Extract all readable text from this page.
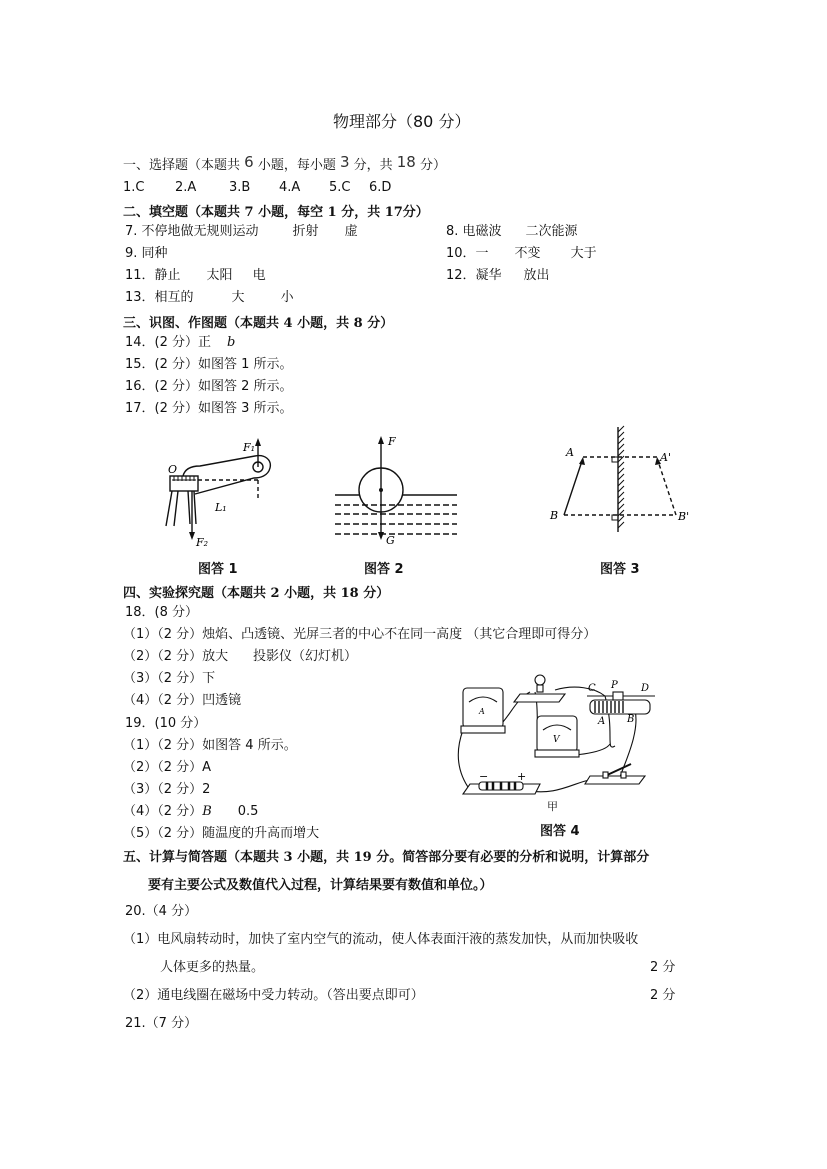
物理部分（80 分）
一、选择题（本题共 6 小题，每小题 3 分，共 18 分）
1.C 2.A	3.B 4.A 5.C 6.D
二、填空题（本题共 7 小题，每空 1 分，共 17分）
7. 不停地做无规则运动	折射 虚	8. 电磁波 二次能源
9. 同种	10．一 不变 大于
11．静止 太阳 电	12．凝华 放出
13．相互的	大	小
三、识图、作图题（本题共 4 小题，共 8 分）
14．(2 分）正 b
15．(2 分）如图答 1 所示。
16．(2 分）如图答 2 所示。
17．(2 分）如图答 3 所示。
F₁
O
L₁
F₂
图答 1
F
G
图答 2
A
B
A'
B'
图答 3
四、实验探究题（本题共 2 小题，共 18 分）
18．(8 分）
（1）（2 分）烛焰、凸透镜、光屏三者的中心不在同一高度 （其它合理即可得分）
（2）（2 分）放大      投影仪（幻灯机）
（3）（2 分）下
（4）（2 分）凹透镜
19．(10 分）
（1）（2 分）如图答 4 所示。
（2）（2 分）A
（3）（2 分）2
（4）（2 分）B 0.5
（5）（2 分）随温度的升高而增大
A
V
C P D
A B
−	+
甲
图答 4
五、计算与简答题（本题共 3 小题，共 19 分。简答部分要有必要的分析和说明，计算部分
要有主要公式及数值代入过程，计算结果要有数值和单位。）
20.（4 分）
（1）电风扇转动时，加快了室内空气的流动，使人体表面汗液的蒸发加快，从而加快吸收
人体更多的热量。	2 分
（2）通电线圈在磁场中受力转动。（答出要点即可）	2 分
21.（7 分）
